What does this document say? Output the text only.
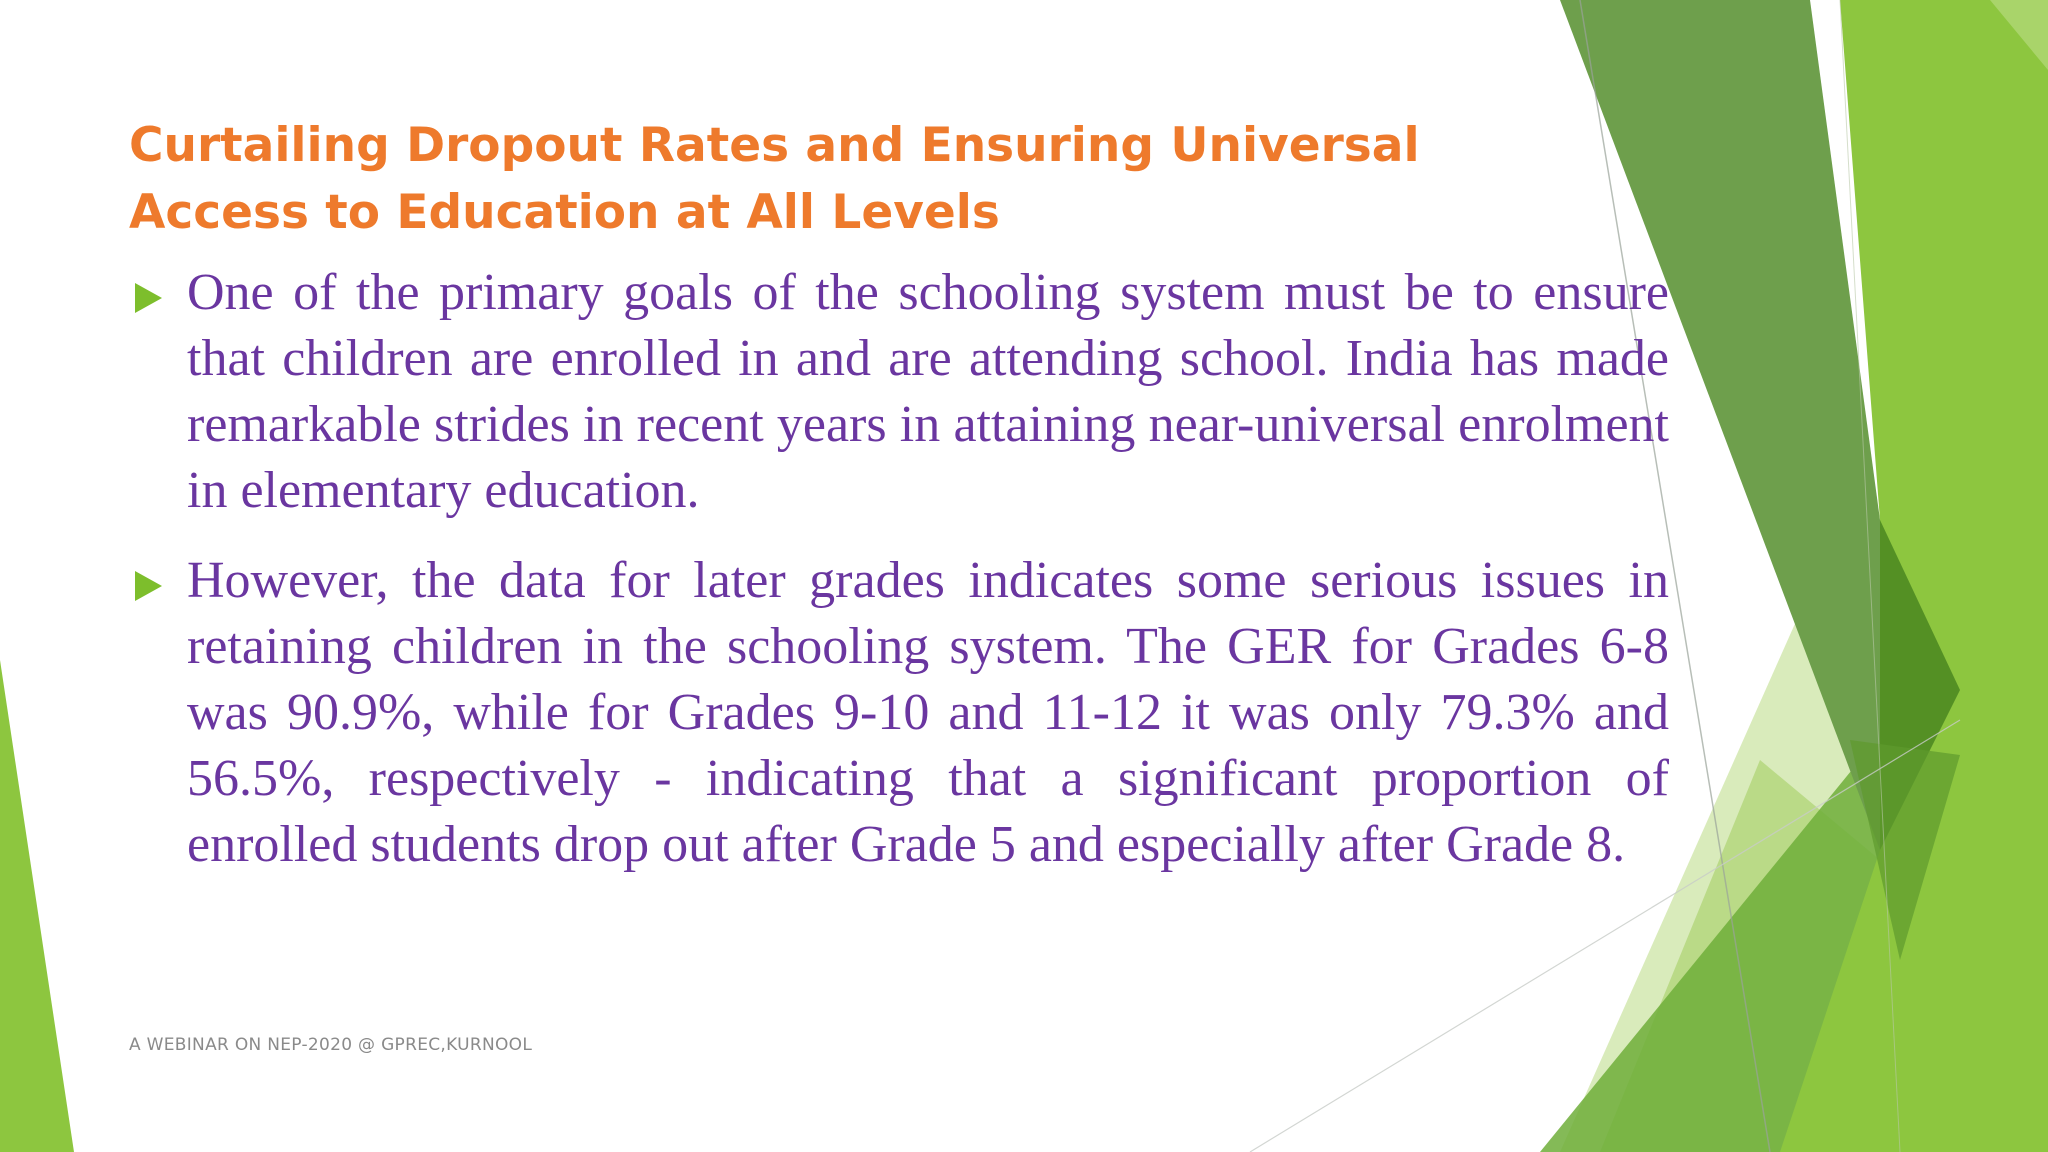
Curtailing Dropout Rates and Ensuring Universal Access to Education at All Levels

One of the primary goals of the schooling system must be to ensure that children are enrolled in and are attending school. India has made remarkable strides in recent years in attaining near-universal enrolment in elementary education.

However, the data for later grades indicates some serious issues in retaining children in the schooling system. The GER for Grades 6-8 was 90.9%, while for Grades 9-10 and 11-12 it was only 79.3% and 56.5%, respectively - indicating that a significant proportion of enrolled students drop out after Grade 5 and especially after Grade 8.

A WEBINAR ON NEP-2020 @ GPREC,KURNOOL
